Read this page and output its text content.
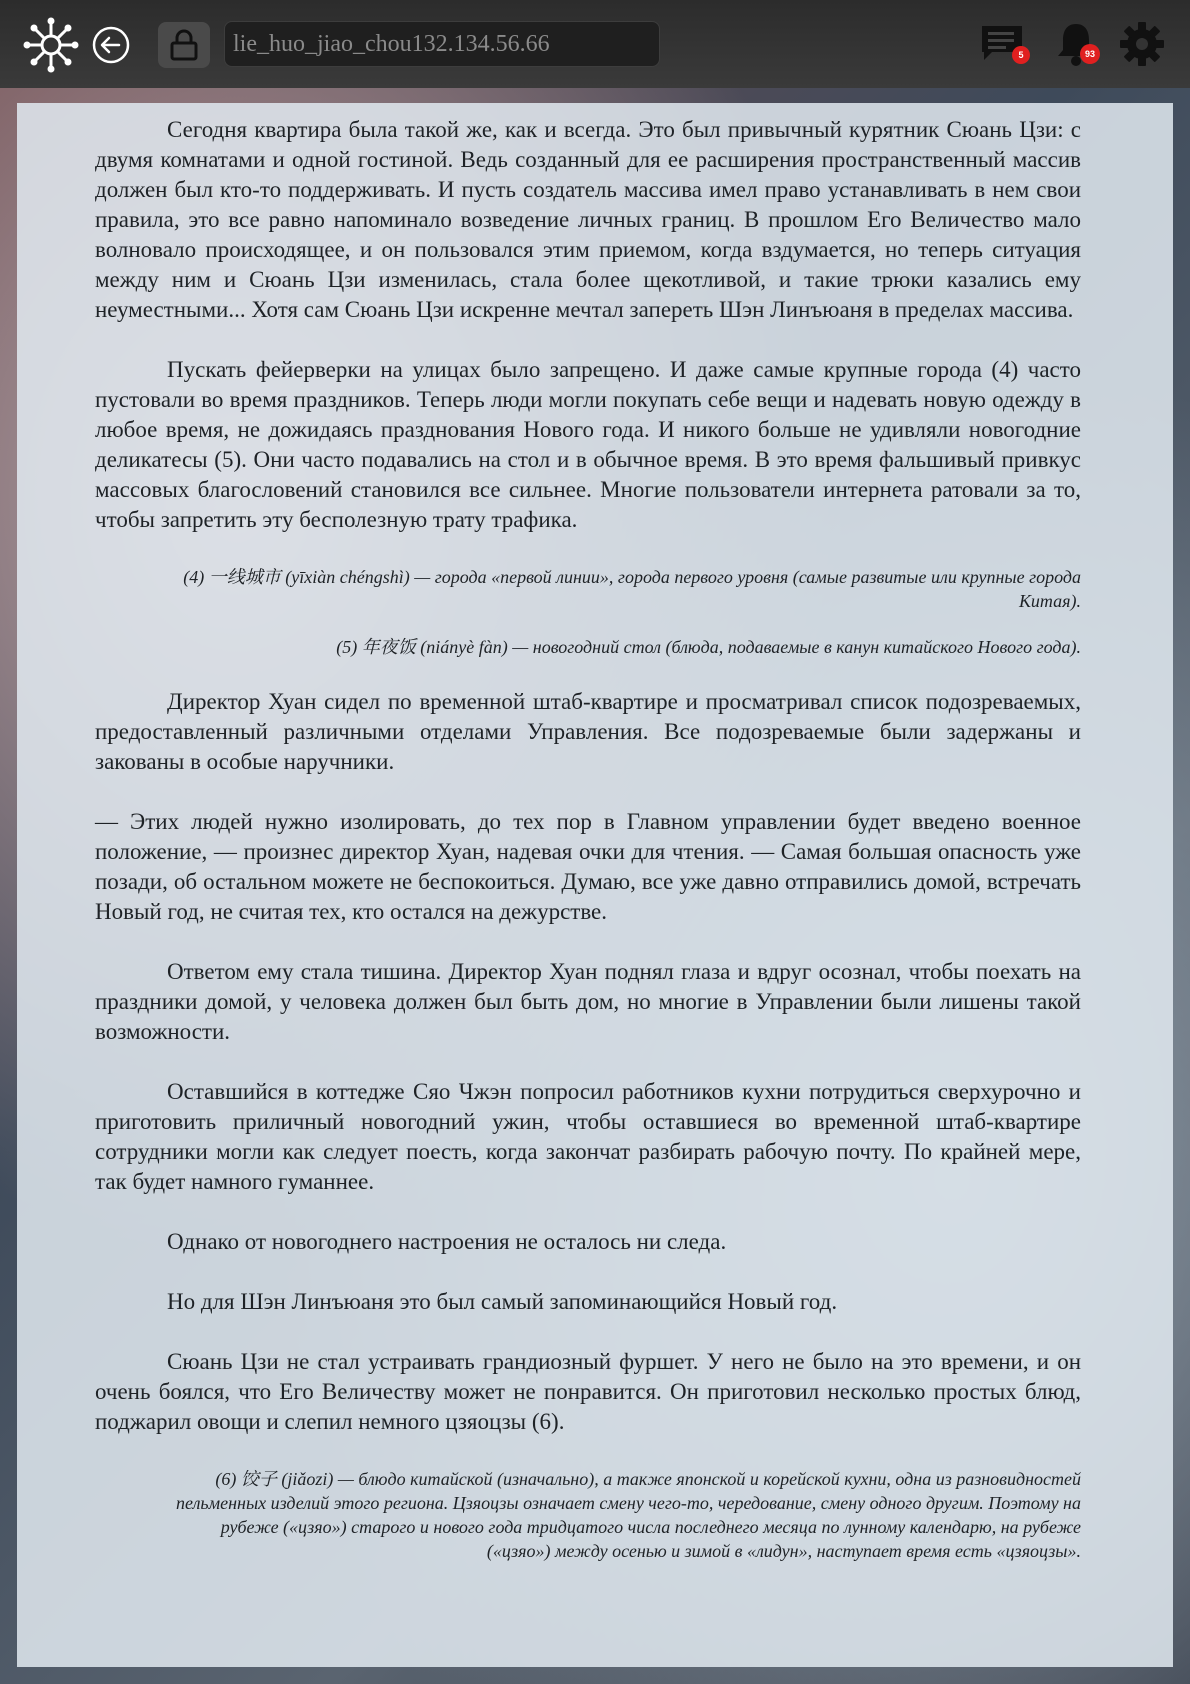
lie_huo_jiao_chou132.134.56.66	5	93

Сегодня квартира была такой же, как и всегда. Это был привычный курятник Сюань Цзи: с двумя комнатами и одной гостиной. Ведь созданный для ее расширения пространственный массив должен был кто-то поддерживать. И пусть создатель массива имел право устанавливать в нем свои правила, это все равно напоминало возведение личных границ. В прошлом Его Величество мало волновало происходящее, и он пользовался этим приемом, когда вздумается, но теперь ситуация между ним и Сюань Цзи изменилась, стала более щекотливой, и такие трюки казались ему неуместными... Хотя сам Сюань Цзи искренне мечтал запереть Шэн Линъюаня в пределах массива.

Пускать фейерверки на улицах было запрещено. И даже самые крупные города (4) часто пустовали во время праздников. Теперь люди могли покупать себе вещи и надевать новую одежду в любое время, не дожидаясь празднования Нового года. И никого больше не удивляли новогодние деликатесы (5). Они часто подавались на стол и в обычное время. В это время фальшивый привкус массовых благословений становился все сильнее. Многие пользователи интернета ратовали за то, чтобы запретить эту бесполезную трату трафика.

(4) 一线城市 (yīxiàn chéngshì) — города «первой линии», города первого уровня (самые развитые или крупные города Китая).

(5) 年夜饭 (niányè fàn) — новогодний стол (блюда, подаваемые в канун китайского Нового года).

Директор Хуан сидел по временной штаб-квартире и просматривал список подозреваемых, предоставленный различными отделами Управления. Все подозреваемые были задержаны и закованы в особые наручники.

— Этих людей нужно изолировать, до тех пор в Главном управлении будет введено военное положение, — произнес директор Хуан, надевая очки для чтения. — Самая большая опасность уже позади, об остальном можете не беспокоиться. Думаю, все уже давно отправились домой, встречать Новый год, не считая тех, кто остался на дежурстве.

Ответом ему стала тишина. Директор Хуан поднял глаза и вдруг осознал, чтобы поехать на праздники домой, у человека должен был быть дом, но многие в Управлении были лишены такой возможности.

Оставшийся в коттедже Сяо Чжэн попросил работников кухни потрудиться сверхурочно и приготовить приличный новогодний ужин, чтобы оставшиеся во временной штаб-квартире сотрудники могли как следует поесть, когда закончат разбирать рабочую почту. По крайней мере, так будет намного гуманнее.

Однако от новогоднего настроения не осталось ни следа.

Но для Шэн Линъюаня это был самый запоминающийся Новый год.

Сюань Цзи не стал устраивать грандиозный фуршет. У него не было на это времени, и он очень боялся, что Его Величеству может не понравится. Он приготовил несколько простых блюд, поджарил овощи и слепил немного цзяоцзы (6).

(6) 饺子 (jiǎozi) — блюдо китайской (изначально), а также японской и корейской кухни, одна из разновидностей пельменных изделий этого региона. Цзяоцзы означает смену чего-то, чередование, смену одного другим. Поэтому на рубеже («цзяо») старого и нового года тридцатого числа последнего месяца по лунному календарю, на рубеже («цзяо») между осенью и зимой в «лидун», наступает время есть «цзяоцзы».
